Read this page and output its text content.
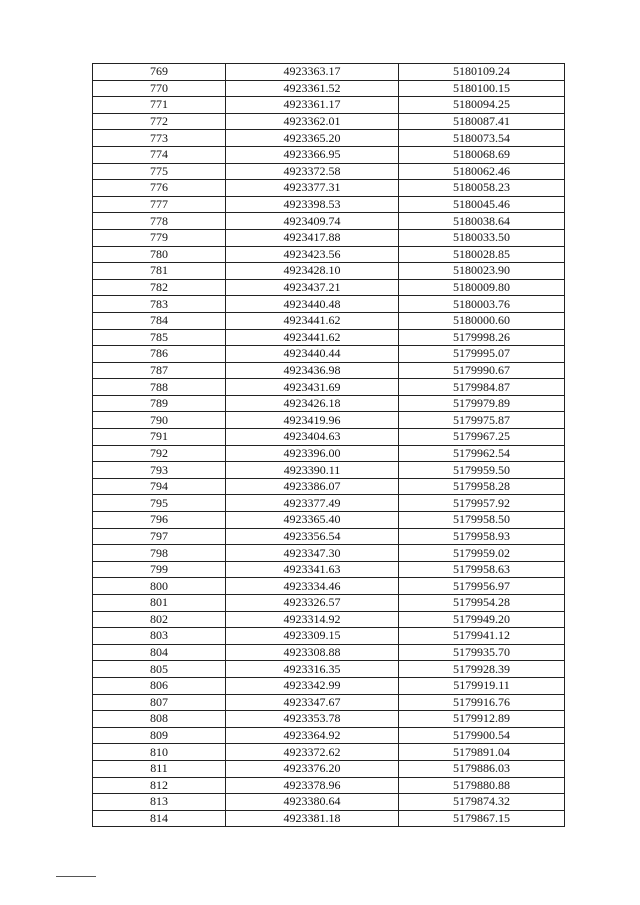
769	4923363.17	5180109.24
770	4923361.52	5180100.15
771	4923361.17	5180094.25
772	4923362.01	5180087.41
773	4923365.20	5180073.54
774	4923366.95	5180068.69
775	4923372.58	5180062.46
776	4923377.31	5180058.23
777	4923398.53	5180045.46
778	4923409.74	5180038.64
779	4923417.88	5180033.50
780	4923423.56	5180028.85
781	4923428.10	5180023.90
782	4923437.21	5180009.80
783	4923440.48	5180003.76
784	4923441.62	5180000.60
785	4923441.62	5179998.26
786	4923440.44	5179995.07
787	4923436.98	5179990.67
788	4923431.69	5179984.87
789	4923426.18	5179979.89
790	4923419.96	5179975.87
791	4923404.63	5179967.25
792	4923396.00	5179962.54
793	4923390.11	5179959.50
794	4923386.07	5179958.28
795	4923377.49	5179957.92
796	4923365.40	5179958.50
797	4923356.54	5179958.93
798	4923347.30	5179959.02
799	4923341.63	5179958.63
800	4923334.46	5179956.97
801	4923326.57	5179954.28
802	4923314.92	5179949.20
803	4923309.15	5179941.12
804	4923308.88	5179935.70
805	4923316.35	5179928.39
806	4923342.99	5179919.11
807	4923347.67	5179916.76
808	4923353.78	5179912.89
809	4923364.92	5179900.54
810	4923372.62	5179891.04
811	4923376.20	5179886.03
812	4923378.96	5179880.88
813	4923380.64	5179874.32
814	4923381.18	5179867.15
